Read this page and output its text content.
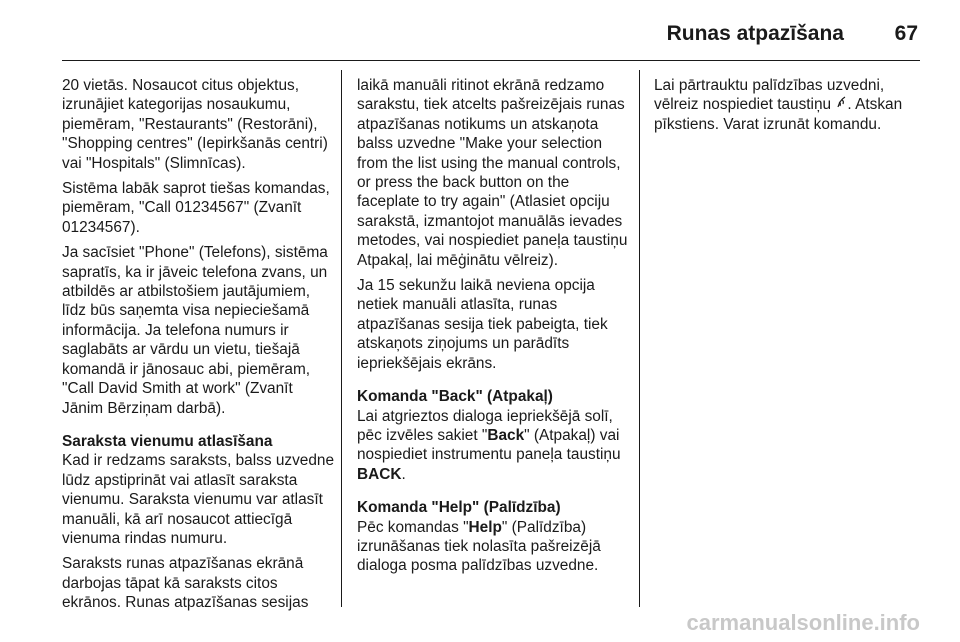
Runas atpazīšana 67

20 vietās. Nosaucot citus objektus, izrunājiet kategorijas nosaukumu, piemēram, "Restaurants" (Restorāni), "Shopping centres" (Iepirkšanās centri) vai "Hospitals" (Slimnīcas).

Sistēma labāk saprot tiešas komandas, piemēram, "Call 01234567" (Zvanīt 01234567).

Ja sacīsiet "Phone" (Telefons), sistēma sapratīs, ka ir jāveic telefona zvans, un atbildēs ar atbilstošiem jautājumiem, līdz būs saņemta visa nepieciešamā informācija. Ja telefona numurs ir saglabāts ar vārdu un vietu, tiešajā komandā ir jānosauc abi, piemēram, "Call David Smith at work" (Zvanīt Jānim Bērziņam darbā).

Saraksta vienumu atlasīšana

Kad ir redzams saraksts, balss uzvedne lūdz apstiprināt vai atlasīt saraksta vienumu. Saraksta vienumu var atlasīt manuāli, kā arī nosaucot attiecīgā vienuma rindas numuru.

Saraksts runas atpazīšanas ekrānā darbojas tāpat kā saraksts citos ekrānos. Runas atpazīšanas sesijas

laikā manuāli ritinot ekrānā redzamo sarakstu, tiek atcelts pašreizējais runas atpazīšanas notikums un atskaņota balss uzvedne "Make your selection from the list using the manual controls, or press the back button on the faceplate to try again" (Atlasiet opciju sarakstā, izmantojot manuālās ievades metodes, vai nospiediet paneļa taustiņu Atpakaļ, lai mēģinātu vēlreiz).

Ja 15 sekunžu laikā neviena opcija netiek manuāli atlasīta, runas atpazīšanas sesija tiek pabeigta, tiek atskaņots ziņojums un parādīts iepriekšējais ekrāns.

Komanda "Back" (Atpakaļ)

Lai atgrieztos dialoga iepriekšējā solī, pēc izvēles sakiet "Back" (Atpakaļ) vai nospiediet instrumentu paneļa taustiņu BACK.

Komanda "Help" (Palīdzība)

Pēc komandas "Help" (Palīdzība) izrunāšanas tiek nolasīta pašreizējā dialoga posma palīdzības uzvedne.

Lai pārtrauktu palīdzības uzvedni, vēlreiz nospiediet taustiņu . Atskan pīkstiens. Varat izrunāt komandu.

carmanualsonline.info
